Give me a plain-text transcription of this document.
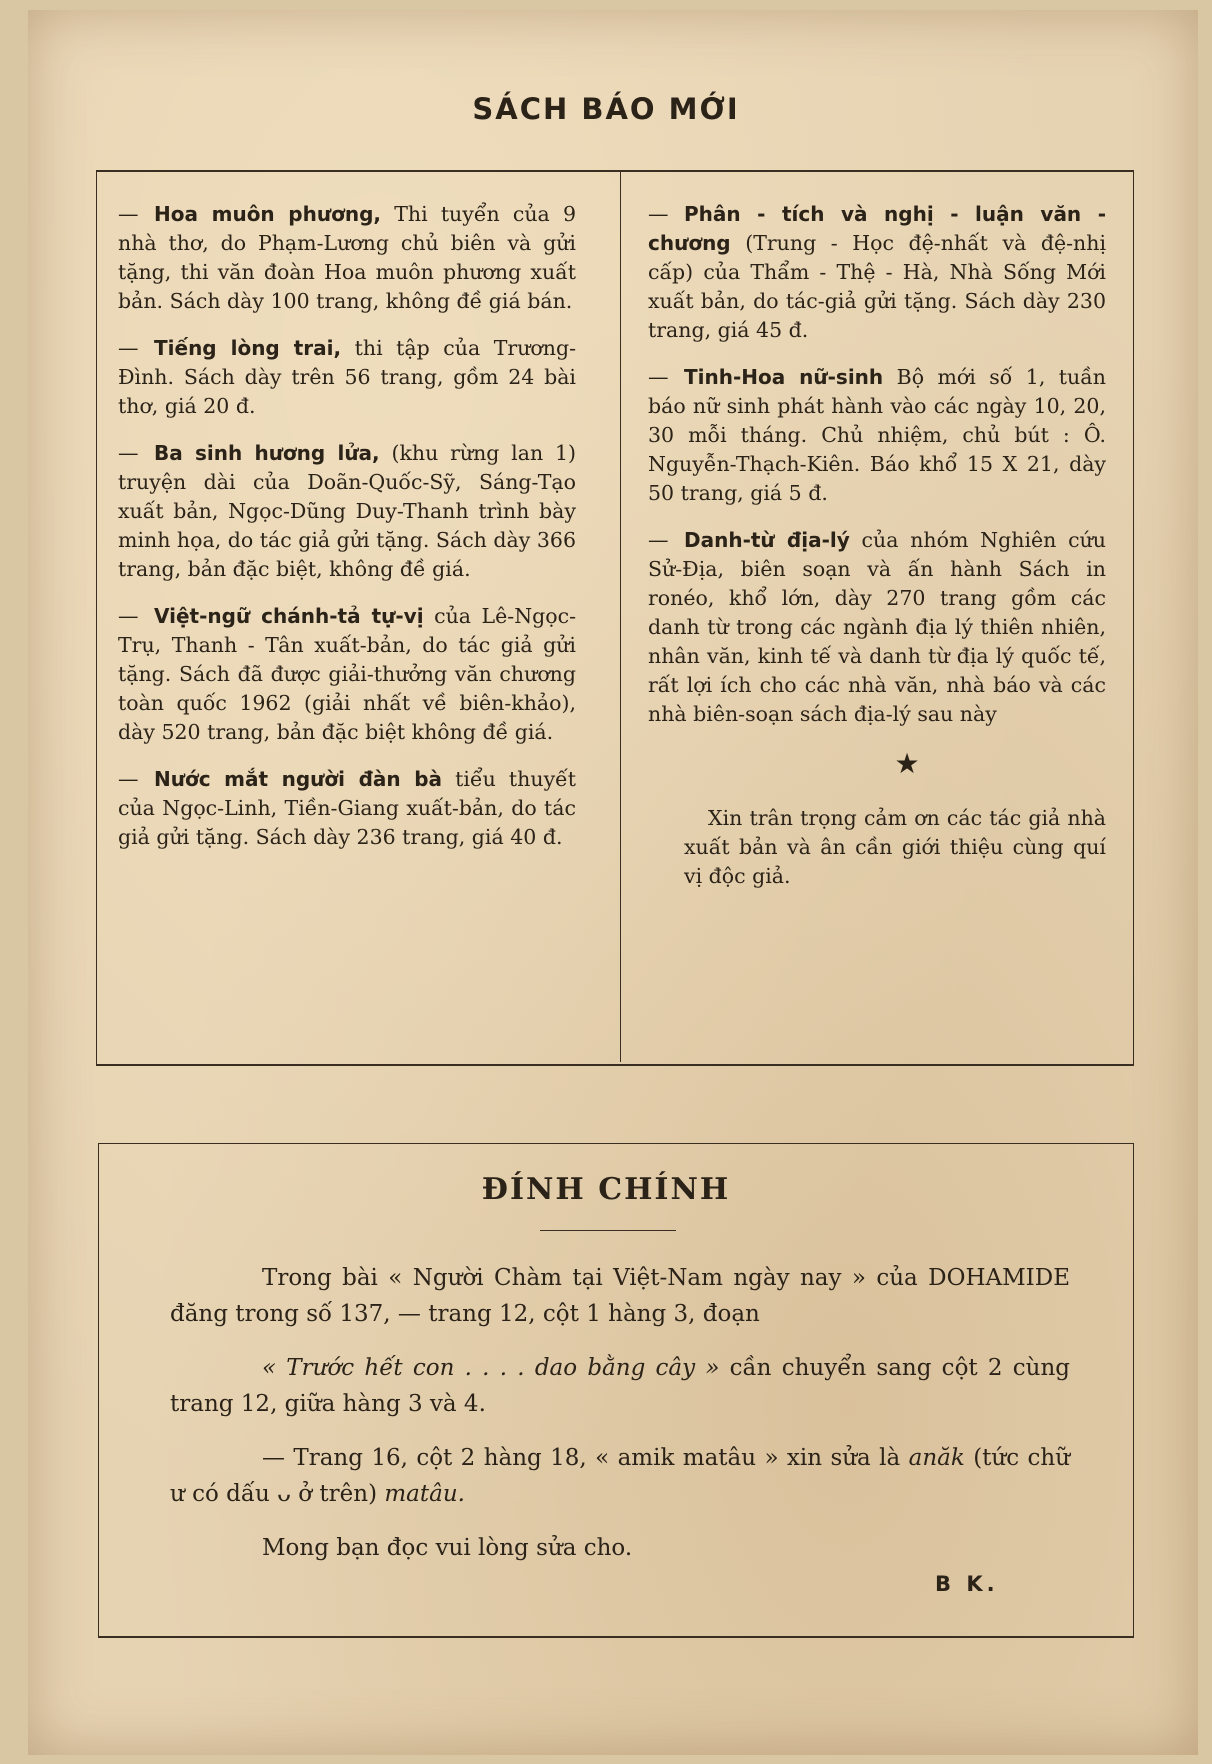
SÁCH BÁO MỚI
— Hoa muôn phương, Thi tuyển của 9 nhà thơ, do Phạm-Lương chủ biên và gửi tặng, thi văn đoàn Hoa muôn phương xuất bản. Sách dày 100 trang, không đề giá bán.
— Tiếng lòng trai, thi tập của Trương-Đình. Sách dày trên 56 trang, gồm 24 bài thơ, giá 20 đ.
— Ba sinh hương lửa, (khu rừng lan 1) truyện dài của Doãn-Quốc-Sỹ, Sáng-Tạo xuất bản, Ngọc-Dũng Duy-Thanh trình bày minh họa, do tác giả gửi tặng. Sách dày 366 trang, bản đặc biệt, không đề giá.
— Việt-ngữ chánh-tả tự-vị của Lê-Ngọc-Trụ, Thanh - Tân xuất-bản, do tác giả gửi tặng. Sách đã được giải-thưởng văn chương toàn quốc 1962 (giải nhất về biên-khảo), dày 520 trang, bản đặc biệt không đề giá.
— Nước mắt người đàn bà tiểu thuyết của Ngọc-Linh, Tiền-Giang xuất-bản, do tác giả gửi tặng. Sách dày 236 trang, giá 40 đ.
— Phân - tích và nghị - luận văn - chương (Trung - Học đệ-nhất và đệ-nhị cấp) của Thẩm - Thệ - Hà, Nhà Sống Mới xuất bản, do tác-giả gửi tặng. Sách dày 230 trang, giá 45 đ.
— Tinh-Hoa nữ-sinh Bộ mới số 1, tuần báo nữ sinh phát hành vào các ngày 10, 20, 30 mỗi tháng. Chủ nhiệm, chủ bút : Ô. Nguyễn-Thạch-Kiên. Báo khổ 15 X 21, dày 50 trang, giá 5 đ.
— Danh-từ địa-lý của nhóm Nghiên cứu Sử-Địa, biên soạn và ấn hành Sách in ronéo, khổ lớn, dày 270 trang gồm các danh từ trong các ngành địa lý thiên nhiên, nhân văn, kinh tế và danh từ địa lý quốc tế, rất lợi ích cho các nhà văn, nhà báo và các nhà biên-soạn sách địa-lý sau này
★
Xin trân trọng cảm ơn các tác giả nhà xuất bản và ân cần giới thiệu cùng quí vị độc giả.
ĐÍNH CHÍNH

Trong bài « Người Chàm tại Việt-Nam ngày nay » của DOHAMIDE đăng trong số 137, — trang 12, cột 1 hàng 3, đoạn

« Trước hết con . . . . dao bằng cây » cần chuyển sang cột 2 cùng trang 12, giữa hàng 3 và 4.

— Trang 16, cột 2 hàng 18, « amik matâu » xin sửa là anăk (tức chữ ư có dấu ᴗ ở trên) matâu.

Mong bạn đọc vui lòng sửa cho.

B K.
